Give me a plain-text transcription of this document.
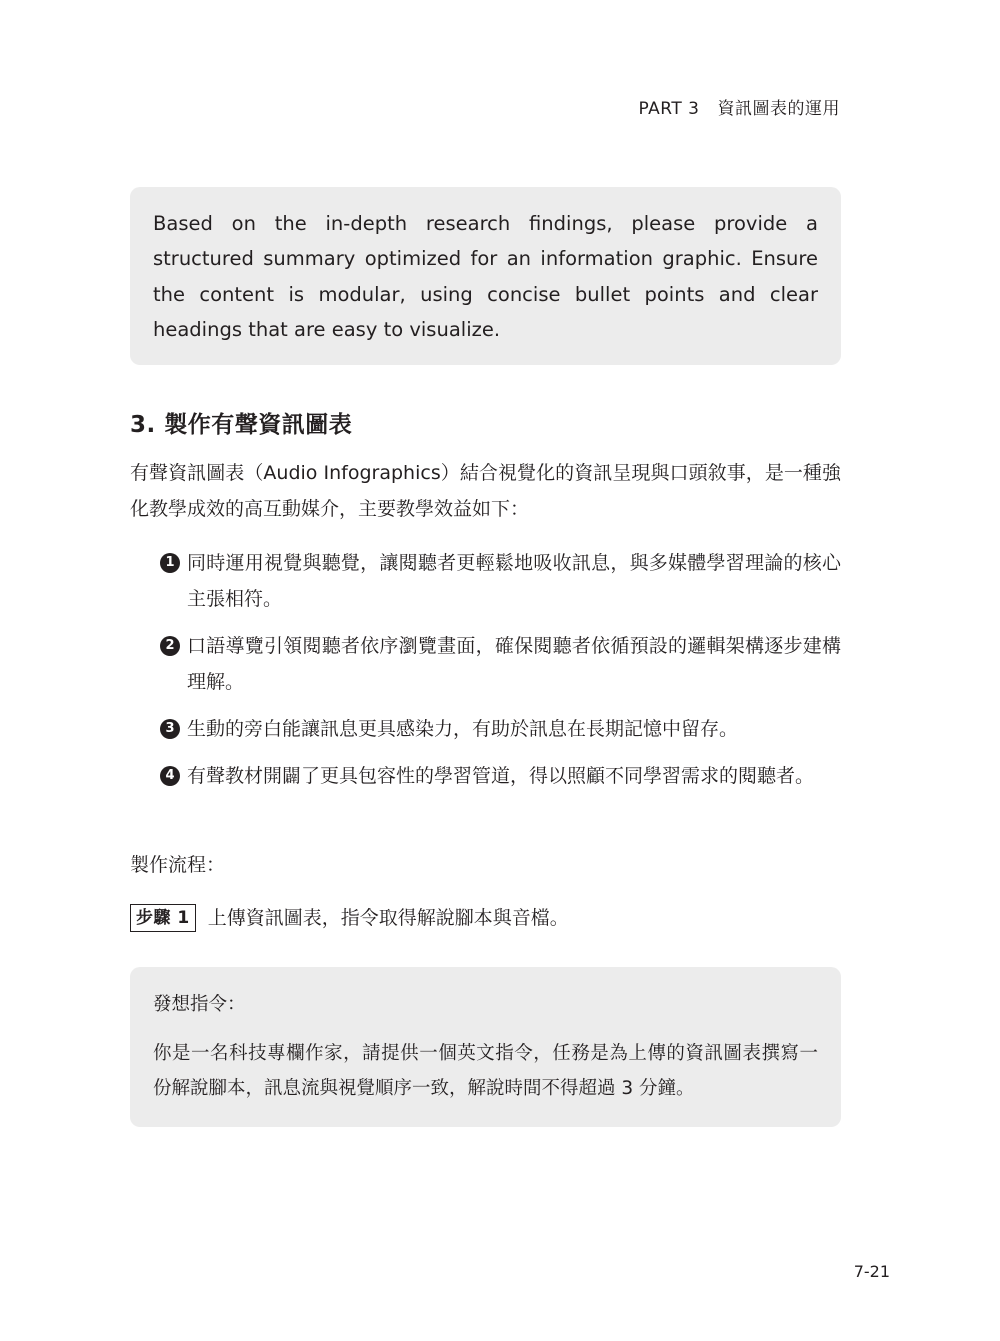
PART 3 資訊圖表的運用

Based on the in-depth research findings, please provide a structured summary optimized for an information graphic. Ensure the content is modular, using concise bullet points and clear headings that are easy to visualize.

3. 製作有聲資訊圖表

有聲資訊圖表（Audio Infographics）結合視覺化的資訊呈現與口頭敘事，是一種強化教學成效的高互動媒介，主要教學效益如下：

1 同時運用視覺與聽覺，讓閱聽者更輕鬆地吸收訊息，與多媒體學習理論的核心主張相符。
2 口語導覽引領閱聽者依序瀏覽畫面，確保閱聽者依循預設的邏輯架構逐步建構理解。
3 生動的旁白能讓訊息更具感染力，有助於訊息在長期記憶中留存。
4 有聲教材開闢了更具包容性的學習管道，得以照顧不同學習需求的閱聽者。

製作流程：

步驟 1 上傳資訊圖表，指令取得解說腳本與音檔。

發想指令：

你是一名科技專欄作家，請提供一個英文指令，任務是為上傳的資訊圖表撰寫一份解說腳本，訊息流與視覺順序一致，解說時間不得超過 3 分鐘。

7-21
